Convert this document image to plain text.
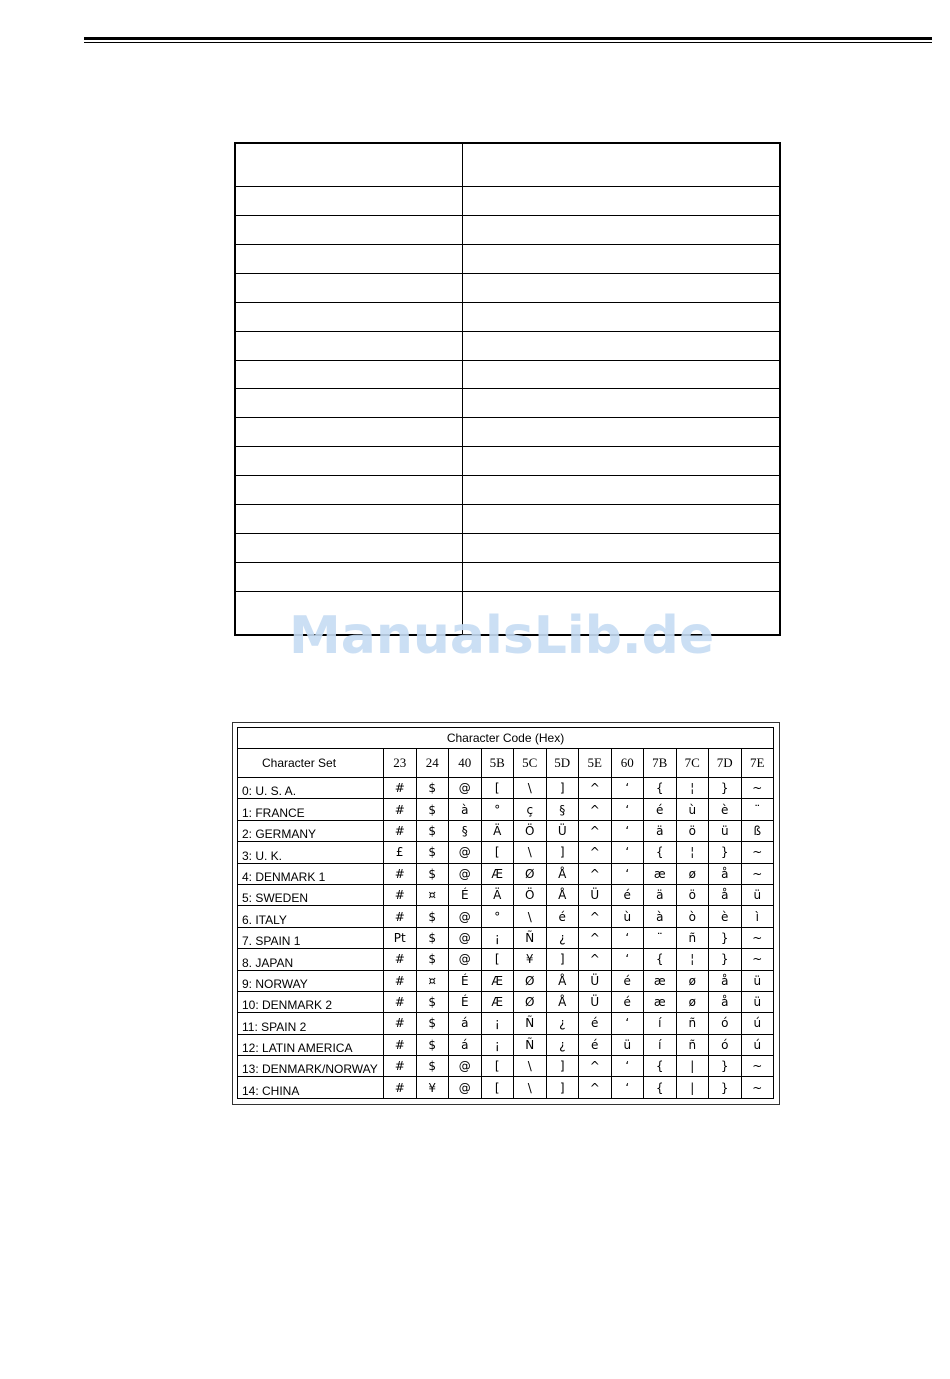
ManualsLib.de
Character Code (Hex)												
Character Set	23	24	40	5B	5C	5D	5E	60	7B	7C	7D	7E
0: U. S. A.	#	$	@	[	\	]	^	‘	{	¦	}	~
1: FRANCE	#	$	à	°	ç	§	^	‘	é	ù	è	¨
2: GERMANY	#	$	§	Ä	Ö	Ü	^	‘	ä	ö	ü	ß
3: U. K.	£	$	@	[	\	]	^	‘	{	¦	}	~
4: DENMARK 1	#	$	@	Æ	Ø	Å	^	‘	æ	ø	å	~
5: SWEDEN	#	¤	É	Ä	Ö	Å	Ü	é	ä	ö	å	ü
6. ITALY	#	$	@	°	\	é	^	ù	à	ò	è	ì
7. SPAIN 1	Pt	$	@	¡	Ñ	¿	^	‘	¨	ñ	}	~
8. JAPAN	#	$	@	[	¥	]	^	‘	{	¦	}	~
9: NORWAY	#	¤	É	Æ	Ø	Å	Ü	é	æ	ø	å	ü
10: DENMARK 2	#	$	É	Æ	Ø	Å	Ü	é	æ	ø	å	ü
11: SPAIN 2	#	$	á	¡	Ñ	¿	é	‘	í	ñ	ó	ú
12: LATIN AMERICA	#	$	á	¡	Ñ	¿	é	ü	í	ñ	ó	ú
13: DENMARK/NORWAY	#	$	@	[	\	]	^	‘	{	|	}	~
14: CHINA	#	¥	@	[	\	]	^	‘	{	|	}	~
